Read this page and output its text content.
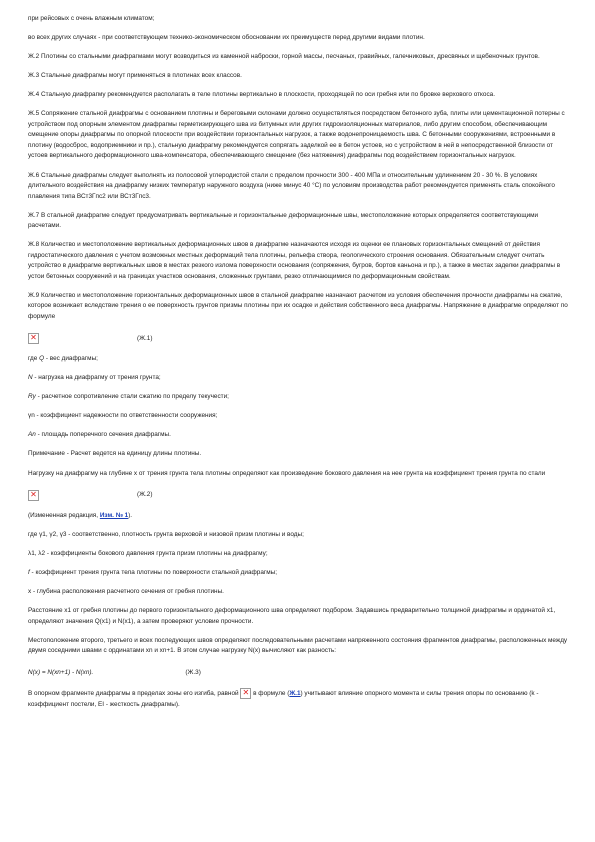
при рейсовых с очень влажным климатом;

во всех других случаях - при соответствующем технико-экономическом обосновании их преимуществ перед другими видами плотин.

Ж.2 Плотины со стальными диафрагмами могут возводиться из каменной наброски, горной массы, песчаных, гравийных, галечниковых, дресвяных и щебеночных грунтов.

Ж.3 Стальные диафрагмы могут применяться в плотинах всех классов.

Ж.4 Стальную диафрагму рекомендуется располагать в теле плотины вертикально в плоскости, проходящей по оси гребня или по бровке верхового откоса.

Ж.5 Сопряжение стальной диафрагмы с основанием плотины и береговыми склонами должно осуществляться посредством бетонного зуба, плиты или цементационной потерны с устройством под опорным элементом диафрагмы герметизирующего шва из битумных или других гидроизоляционных материалов, либо другим способом, обеспечивающим смещение опоры диафрагмы по опорной плоскости при воздействии горизонтальных нагрузок, а также водонепроницаемость шва. С бетонными сооружениями, встроенными в плотину (водосброс, водоприемники и пр.), стальную диафрагму рекомендуется сопрягать заделкой ее в бетон устоев, но с устройством в ней в непосредственной близости от устоев вертикального деформационного шва-компенсатора, обеспечивающего смещение (без натяжения) диафрагмы под воздействием горизонтальных нагрузок.

Ж.6 Стальные диафрагмы следует выполнять из полосовой углеродистой стали с пределом прочности 300 - 400 МПа и относительным удлинением 20 - 30 %. В условиях длительного воздействия на диафрагму низких температур наружного воздуха (ниже минус 40 °С) по условиям производства работ рекомендуется применять сталь спокойного плавления типа ВСт3Гпс2 или ВСт3Гпс3.

Ж.7 В стальной диафрагме следует предусматривать вертикальные и горизонтальные деформационные швы, местоположение которых определяется соответствующими расчетами.

Ж.8 Количество и местоположение вертикальных деформационных швов в диафрагме назначаются исходя из оценки ее плановых горизонтальных смещений от действия гидростатического давления с учетом возможных местных деформаций тела плотины, рельефа створа, геологического строения основания. Обязательным следует считать устройство в диафрагме вертикальных швов в местах резкого излома поверхности основания (сопряжения, бугров, бортов каньона и пр.), а также в местах заделки диафрагмы в устои бетонных сооружений и на границах участков основания, сложенных грунтами, резко отличающимися по деформационным свойствам.

Ж.9 Количество и местоположение горизонтальных деформационных швов в стальной диафрагме назначают расчетом из условия обеспечения прочности диафрагмы на сжатие, которое возникает вследствие трения о ее поверхность грунтов призмы плотины при их осадке и действия собственного веса диафрагмы. Напряжение в диафрагме определяют по формуле

✕
(Ж.1)

где Q - вес диафрагмы;

N - нагрузка на диафрагму от трения грунта;

Ry - расчетное сопротивление стали сжатию по пределу текучести;

γn - коэффициент надежности по ответственности сооружения;

An - площадь поперечного сечения диафрагмы.

Примечание - Расчет ведется на единицу длины плотины.

Нагрузку на диафрагму на глубине x от трения грунта тела плотины определяют как произведение бокового давления на нее грунта на коэффициент трения грунта по стали

✕
(Ж.2)

(Измененная редакция, Изм. № 1).

где γ1, γ2, γ3 - соответственно, плотность грунта верховой и низовой призм плотины и воды;

λ1, λ2 - коэффициенты бокового давления грунта призм плотины на диафрагму;

f - коэффициент трения грунта тела плотины по поверхности стальной диафрагмы;

x - глубина расположения расчетного сечения от гребня плотины.

Расстояние x1 от гребня плотины до первого горизонтального деформационного шва определяют подбором. Задавшись предварительно толщиной диафрагмы и ординатой x1, определяют значения Q(x1) и N(x1), а затем проверяют условие прочности.

Местоположение второго, третьего и всех последующих швов определяют последовательными расчетами напряженного состояния фрагментов диафрагмы, расположенных между двумя соседними швами с ординатами xn и xn+1. В этом случае нагрузку N(x) вычисляют как разность:

N(x) = N(xn+1) - N(xn).	(Ж.3)

В опорном фрагменте диафрагмы в пределах зоны его изгиба, равной ✕ в формуле (Ж.1) учитывают влияние опорного момента и силы трения опоры по основанию (k - коэффициент постели, EI - жесткость диафрагмы).
